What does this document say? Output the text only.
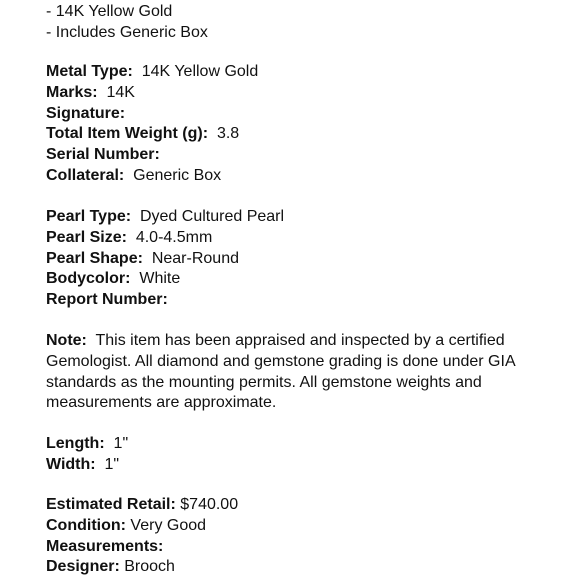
- 14K Yellow Gold
- Includes Generic Box
Metal Type: 14K Yellow Gold
Marks: 14K
Signature:
Total Item Weight (g): 3.8
Serial Number:
Collateral: Generic Box
Pearl Type: Dyed Cultured Pearl
Pearl Size: 4.0-4.5mm
Pearl Shape: Near-Round
Bodycolor: White
Report Number:
Note: This item has been appraised and inspected by a certified Gemologist. All diamond and gemstone grading is done under GIA standards as the mounting permits. All gemstone weights and measurements are approximate.
Length: 1"
Width: 1"
Estimated Retail: $740.00
Condition: Very Good
Measurements:
Designer: Brooch
